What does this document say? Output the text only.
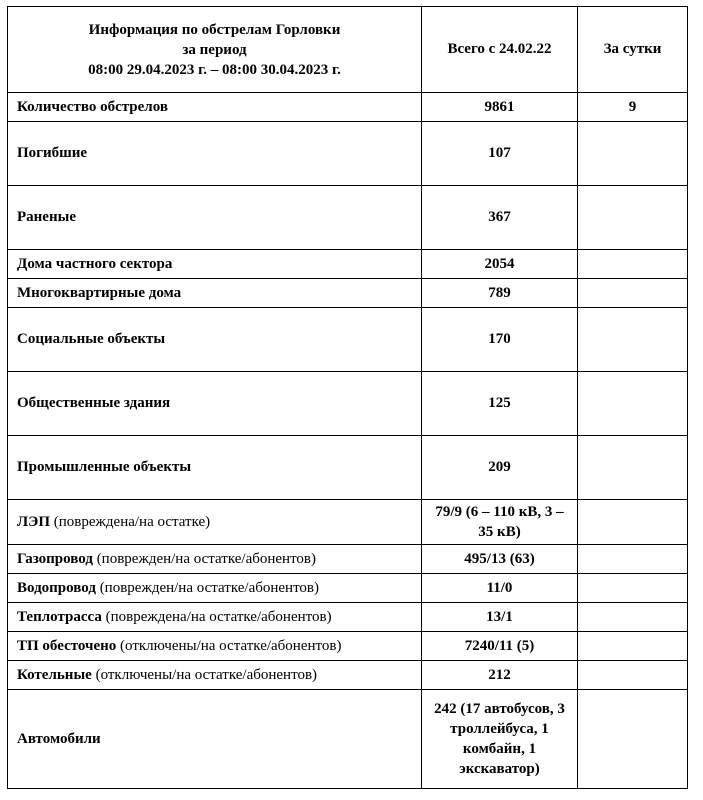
Информация по обстрелам Горловки
за период
08:00 29.04.2023 г. – 08:00 30.04.2023 г.	Всего с 24.02.22	За сутки
Количество обстрелов	9861	9
Погибшие	107	
Раненые	367	
Дома частного сектора	2054	
Многоквартирные дома	789	
Социальные объекты	170	
Общественные здания	125	
Промышленные объекты	209	
ЛЭП (повреждена/на остатке)	79/9 (6 – 110 кВ, 3 –
35 кВ)	

Газопровод (поврежден/на остатке/абонентов)	495/13 (63)	
Водопровод (поврежден/на остатке/абонентов)	11/0	
Теплотрасса (повреждена/на остатке/абонентов)	13/1	
ТП обесточено (отключены/на остатке/абонентов)	7240/11 (5)	
Котельные (отключены/на остатке/абонентов)	212	
Автомобили	242 (17 автобусов, 3
троллейбуса, 1
комбайн, 1
экскаватор)	
